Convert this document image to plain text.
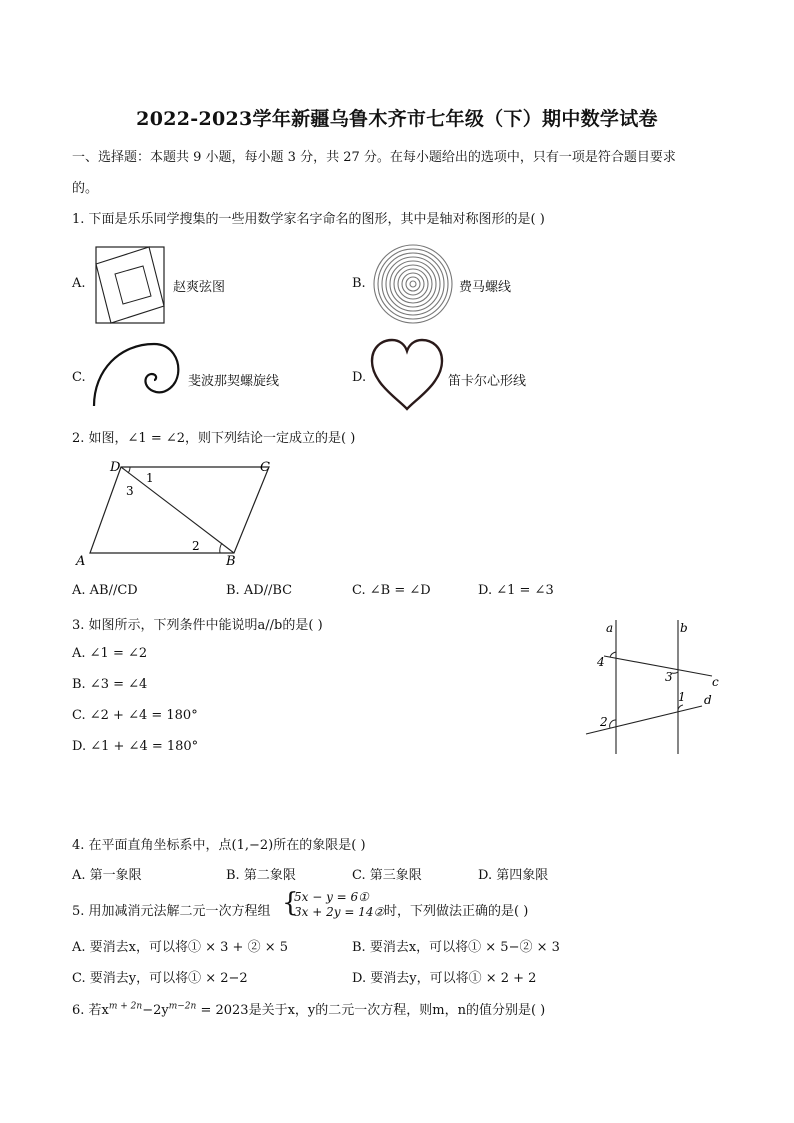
2022-2023学年新疆乌鲁木齐市七年级（下）期中数学试卷
一、选择题：本题共 9 小题，每小题 3 分，共 27 分。在每小题给出的选项中，只有一项是符合题目要求
的。
1. 下面是乐乐同学搜集的一些用数学家名字命名的图形，其中是轴对称图形的是( )
A.	赵爽弦图	B.	费马螺线
C.	斐波那契螺旋线	D.	笛卡尔心形线
2. 如图，∠1 = ∠2，则下列结论一定成立的是( )
D	C
A	B
1
2
3
A. AB//CD	B. AD//BC	C. ∠B = ∠D	D. ∠1 = ∠3
3. 如图所示，下列条件中能说明a//b的是( )
A. ∠1 = ∠2
B. ∠3 = ∠4
C. ∠2 + ∠4 = 180°
D. ∠1 + ∠4 = 180°
a	b
c
d
1
2
3
4
4. 在平面直角坐标系中，点(1,−2)所在的象限是( )
A. 第一象限	B. 第二象限	C. 第三象限	D. 第四象限
5. 用加减消元法解二元一次方程组 {
5x − y = 6①
3x + 2y = 14② 时，下列做法正确的是( )
A. 要消去x，可以将① × 3 + ② × 5	B. 要消去x，可以将① × 5−② × 3
C. 要消去y，可以将① × 2−2	D. 要消去y，可以将① × 2 + 2
6. 若$x^{m + 2n}-2y^{m-2n} = 2023$是关于x，y的二元一次方程，则m，n的值分别是( )
